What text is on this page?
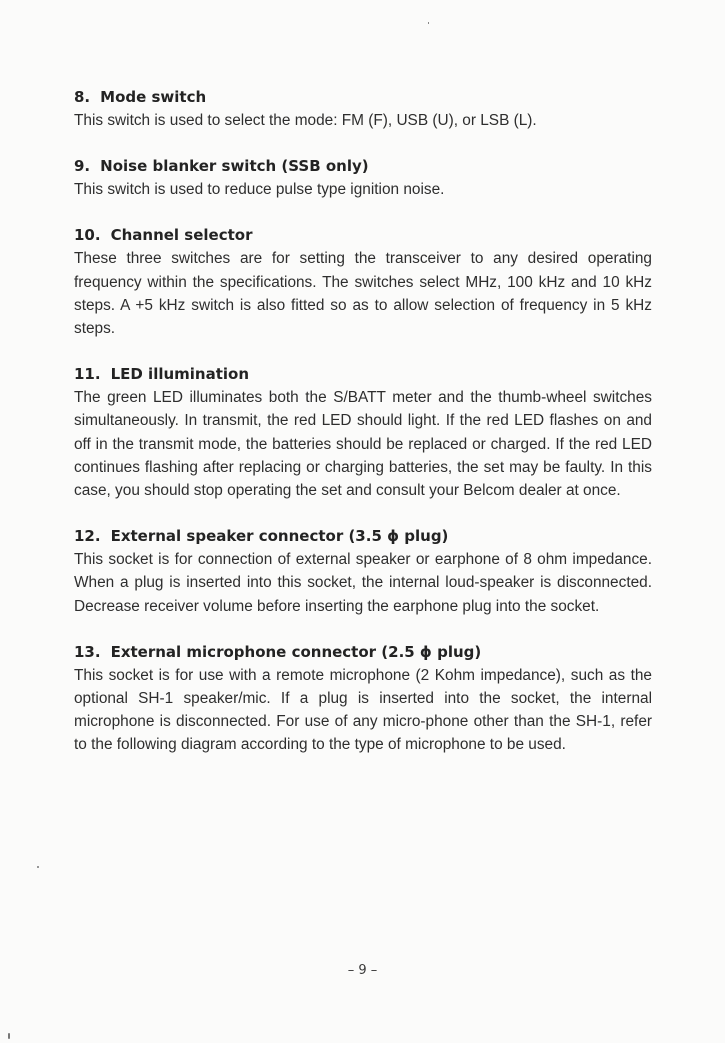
8. Mode switch

This switch is used to select the mode: FM (F), USB (U), or LSB (L).

9. Noise blanker switch (SSB only)

This switch is used to reduce pulse type ignition noise.

10. Channel selector

These three switches are for setting the transceiver to any desired operating frequency within the specifications. The switches select MHz, 100 kHz and 10 kHz steps. A +5 kHz switch is also fitted so as to allow selection of frequency in 5 kHz steps.

11. LED illumination

The green LED illuminates both the S/BATT meter and the thumb-wheel switches simultaneously. In transmit, the red LED should light. If the red LED flashes on and off in the transmit mode, the batteries should be replaced or charged. If the red LED continues flashing after replacing or charging batteries, the set may be faulty. In this case, you should stop operating the set and consult your Belcom dealer at once.

12. External speaker connector (3.5 ϕ plug)

This socket is for connection of external speaker or earphone of 8 ohm impedance. When a plug is inserted into this socket, the internal loud-speaker is disconnected. Decrease receiver volume before inserting the earphone plug into the socket.

13. External microphone connector (2.5 ϕ plug)

This socket is for use with a remote microphone (2 Kohm impedance), such as the optional SH-1 speaker/mic. If a plug is inserted into the socket, the internal microphone is disconnected. For use of any micro-phone other than the SH-1, refer to the following diagram according to the type of microphone to be used.

– 9 –
